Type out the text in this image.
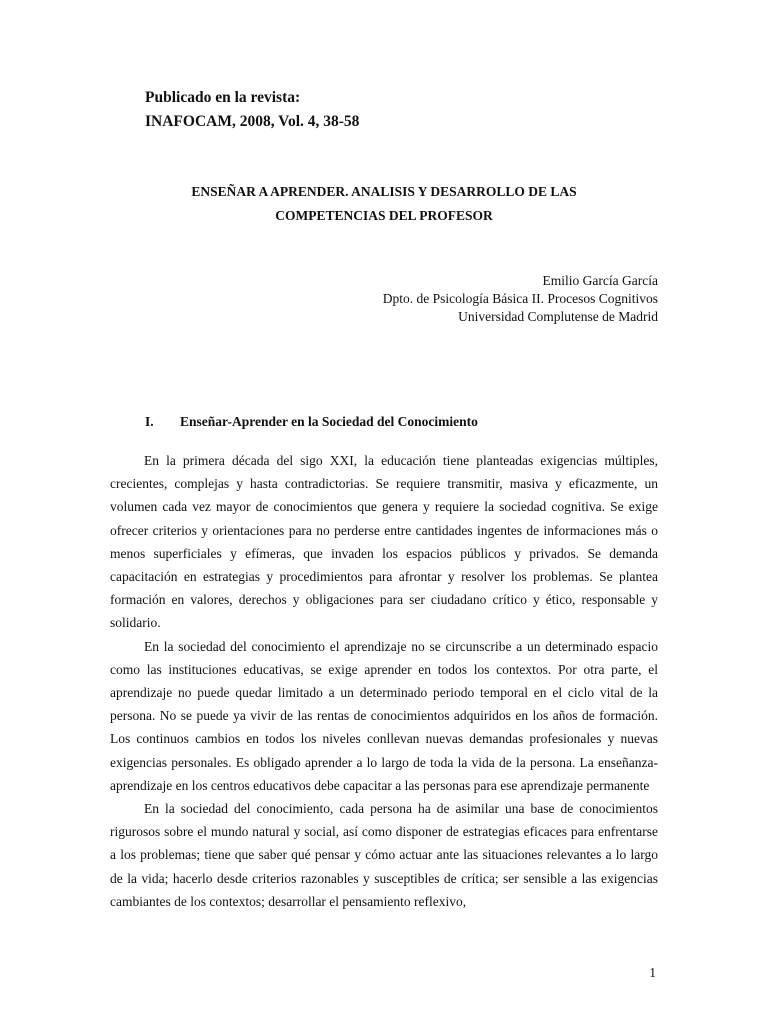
Publicado en la revista:
INAFOCAM, 2008, Vol. 4, 38-58
ENSEÑAR A APRENDER. ANALISIS Y DESARROLLO DE LAS
COMPETENCIAS DEL PROFESOR
Emilio García García
Dpto. de Psicología Básica II. Procesos Cognitivos
Universidad Complutense de Madrid
I.	Enseñar-Aprender en la Sociedad del Conocimiento

En la primera década del sigo XXI, la educación tiene planteadas exigencias múltiples, crecientes, complejas y hasta contradictorias. Se requiere transmitir, masiva y eficazmente, un volumen cada vez mayor de conocimientos que genera y requiere la sociedad cognitiva. Se exige ofrecer criterios y orientaciones para no perderse entre cantidades ingentes de informaciones más o menos superficiales y efímeras, que invaden los espacios públicos y privados. Se demanda capacitación en estrategias y procedimientos para afrontar y resolver los problemas. Se plantea formación en valores, derechos y obligaciones para ser ciudadano crítico y ético, responsable y solidario.

En la sociedad del conocimiento el aprendizaje no se circunscribe a un determinado espacio como las instituciones educativas, se exige aprender en todos los contextos. Por otra parte, el aprendizaje no puede quedar limitado a un determinado periodo temporal en el ciclo vital de la persona. No se puede ya vivir de las rentas de conocimientos adquiridos en los años de formación. Los continuos cambios en todos los niveles conllevan nuevas demandas profesionales y nuevas exigencias personales. Es obligado aprender a lo largo de toda la vida de la persona. La enseñanza-aprendizaje en los centros educativos debe capacitar a las personas para ese aprendizaje permanente

En la sociedad del conocimiento, cada persona ha de asimilar una base de conocimientos rigurosos sobre el mundo natural y social, así como disponer de estrategias eficaces para enfrentarse a los problemas; tiene que saber qué pensar y cómo actuar ante las situaciones relevantes a lo largo de la vida; hacerlo desde criterios razonables y susceptibles de crítica; ser sensible a las exigencias cambiantes de los contextos; desarrollar el pensamiento reflexivo,

1
